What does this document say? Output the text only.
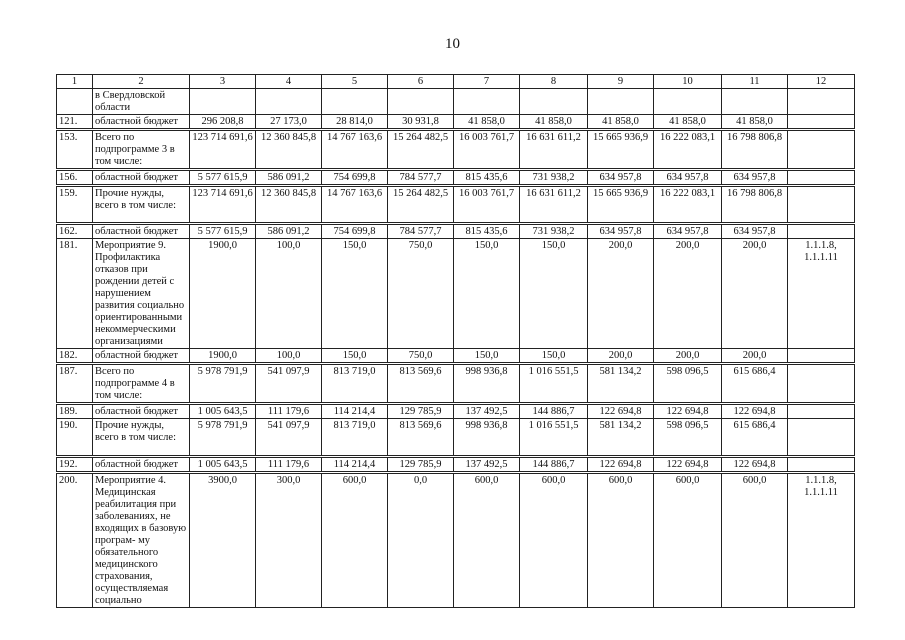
10
1	2	3	4	5	6	7	8	9	10	11	12
	в Свердловской области										
121.	областной бюджет	296 208,8	27 173,0	28 814,0	30 931,8	41 858,0	41 858,0	41 858,0	41 858,0	41 858,0	
153.	Всего по подпрограмме 3 в том числе:	123 714 691,6	12 360 845,8	14 767 163,6	15 264 482,5	16 003 761,7	16 631 611,2	15 665 936,9	16 222 083,1	16 798 806,8	
156.	областной бюджет	5 577 615,9	586 091,2	754 699,8	784 577,7	815 435,6	731 938,2	634 957,8	634 957,8	634 957,8	
159.	Прочие нужды, всего в том числе:	123 714 691,6	12 360 845,8	14 767 163,6	15 264 482,5	16 003 761,7	16 631 611,2	15 665 936,9	16 222 083,1	16 798 806,8	
162.	областной бюджет	5 577 615,9	586 091,2	754 699,8	784 577,7	815 435,6	731 938,2	634 957,8	634 957,8	634 957,8	
181.	Мероприятие 9. Профилактика отказов при рождении детей с нарушением развития социально ориентированными некоммерческими организациями	1900,0	100,0	150,0	750,0	150,0	150,0	200,0	200,0	200,0	1.1.1.8,
1.1.1.11
182.	областной бюджет	1900,0	100,0	150,0	750,0	150,0	150,0	200,0	200,0	200,0	
187.	Всего по подпрограмме 4 в том числе:	5 978 791,9	541 097,9	813 719,0	813 569,6	998 936,8	1 016 551,5	581 134,2	598 096,5	615 686,4	
189.	областной бюджет	1 005 643,5	111 179,6	114 214,4	129 785,9	137 492,5	144 886,7	122 694,8	122 694,8	122 694,8	
190.	Прочие нужды, всего в том числе:	5 978 791,9	541 097,9	813 719,0	813 569,6	998 936,8	1 016 551,5	581 134,2	598 096,5	615 686,4	
192.	областной бюджет	1 005 643,5	111 179,6	114 214,4	129 785,9	137 492,5	144 886,7	122 694,8	122 694,8	122 694,8	
200.	Мероприятие 4. Медицинская реабилитация при заболеваниях, не входящих в базовую програм- му обязательного медицинского страхования, осуществляемая социально	3900,0	300,0	600,0	0,0	600,0	600,0	600,0	600,0	600,0	1.1.1.8,
1.1.1.11
